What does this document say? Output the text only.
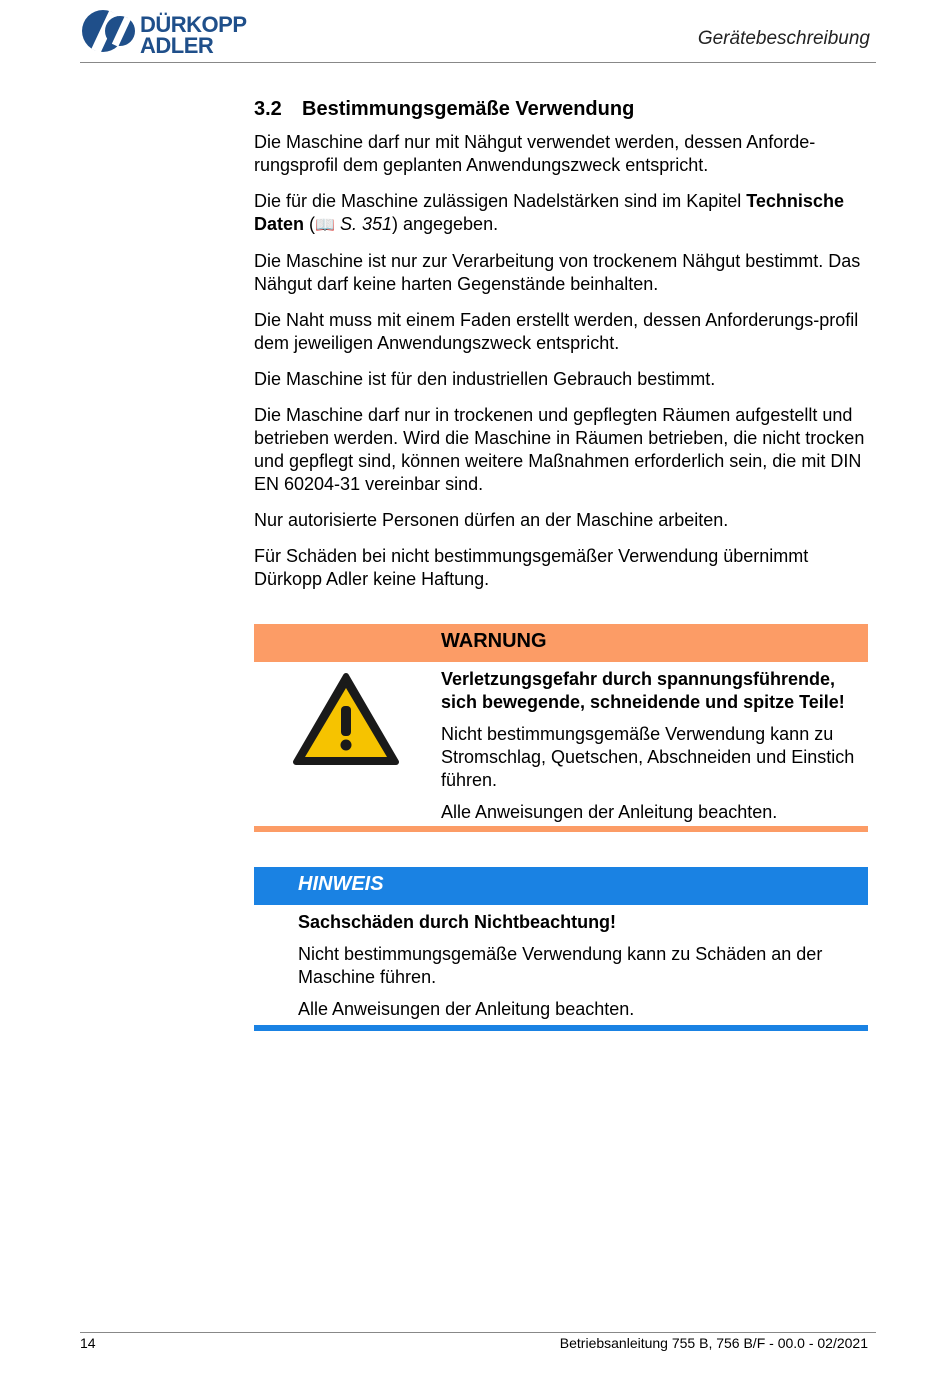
DÜRKOPP
ADLER	Gerätebeschreibung
3.2 Bestimmungsgemäße Verwendung

Die Maschine darf nur mit Nähgut verwendet werden, dessen Anforde-rungsprofil dem geplanten Anwendungszweck entspricht.

Die für die Maschine zulässigen Nadelstärken sind im Kapitel Technische Daten (📖 S. 351) angegeben.

Die Maschine ist nur zur Verarbeitung von trockenem Nähgut bestimmt. Das Nähgut darf keine harten Gegenstände beinhalten.

Die Naht muss mit einem Faden erstellt werden, dessen Anforderungs-profil dem jeweiligen Anwendungszweck entspricht.

Die Maschine ist für den industriellen Gebrauch bestimmt.

Die Maschine darf nur in trockenen und gepflegten Räumen aufgestellt und betrieben werden. Wird die Maschine in Räumen betrieben, die nicht trocken und gepflegt sind, können weitere Maßnahmen erforderlich sein, die mit DIN EN 60204-31 vereinbar sind.

Nur autorisierte Personen dürfen an der Maschine arbeiten.

Für Schäden bei nicht bestimmungsgemäßer Verwendung übernimmt Dürkopp Adler keine Haftung.

WARNUNG

Verletzungsgefahr durch spannungsführende, sich bewegende, schneidende und spitze Teile!

Nicht bestimmungsgemäße Verwendung kann zu Stromschlag, Quetschen, Abschneiden und Einstich führen.

Alle Anweisungen der Anleitung beachten.

HINWEIS

Sachschäden durch Nichtbeachtung!

Nicht bestimmungsgemäße Verwendung kann zu Schäden an der Maschine führen.

Alle Anweisungen der Anleitung beachten.

14	Betriebsanleitung 755 B, 756 B/F - 00.0 - 02/2021
